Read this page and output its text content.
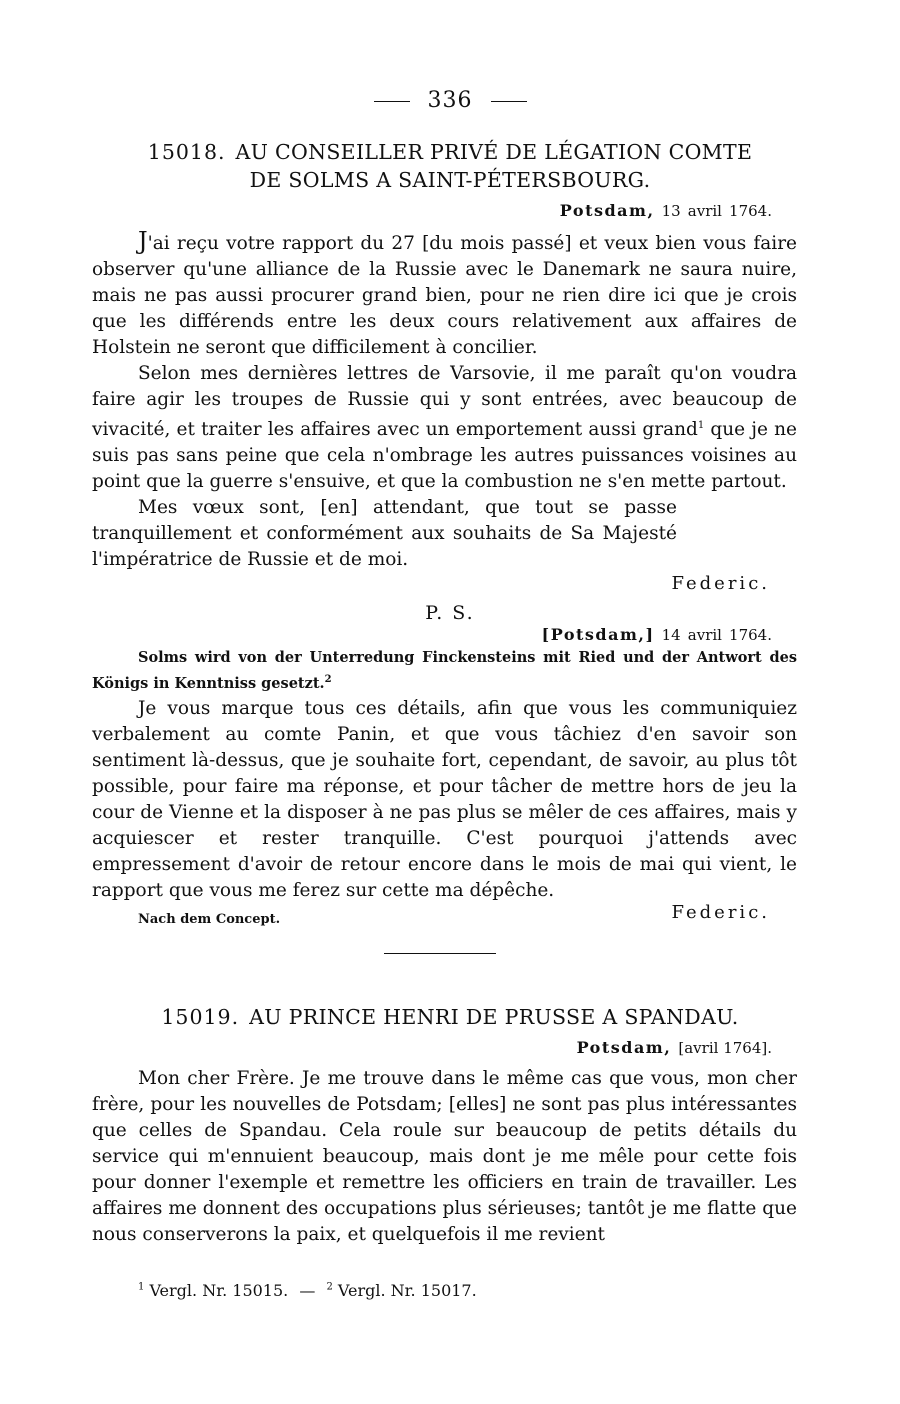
336
15018. AU CONSEILLER PRIVÉ DE LÉGATION COMTE
DE SOLMS A SAINT-PÉTERSBOURG.
Potsdam, 13 avril 1764.

J'ai reçu votre rapport du 27 [du mois passé] et veux bien vous faire observer qu'une alliance de la Russie avec le Danemark ne saura nuire, mais ne pas aussi procurer grand bien, pour ne rien dire ici que je crois que les différends entre les deux cours relativement aux affaires de Holstein ne seront que difficilement à concilier.

Selon mes dernières lettres de Varsovie, il me paraît qu'on voudra faire agir les troupes de Russie qui y sont entrées, avec beaucoup de vivacité, et traiter les affaires avec un emportement aussi grand$^1$ que je ne suis pas sans peine que cela n'ombrage les autres puissances voisines au point que la guerre s'ensuive, et que la combustion ne s'en mette partout.

Mes vœux sont, [en] attendant, que tout se passe tranquillement et conformément aux souhaits de Sa Majesté l'impératrice de Russie et de moi.

Federic.
P. S.
[Potsdam,] 14 avril 1764.

Solms wird von der Unterredung Finckensteins mit Ried und der Antwort des Königs in Kenntniss gesetzt.$^2$

Je vous marque tous ces détails, afin que vous les communiquiez verbalement au comte Panin, et que vous tâchiez d'en savoir son sentiment là-dessus, que je souhaite fort, cependant, de savoir, au plus tôt possible, pour faire ma réponse, et pour tâcher de mettre hors de jeu la cour de Vienne et la disposer à ne pas plus se mêler de ces affaires, mais y acquiescer et rester tranquille. C'est pourquoi j'attends avec empressement d'avoir de retour encore dans le mois de mai qui vient, le rapport que vous me ferez sur cette ma dépêche.

Nach dem Concept.	Federic.
15019. AU PRINCE HENRI DE PRUSSE A SPANDAU.
Potsdam, [avril 1764].

Mon cher Frère. Je me trouve dans le même cas que vous, mon cher frère, pour les nouvelles de Potsdam; [elles] ne sont pas plus intéressantes que celles de Spandau. Cela roule sur beaucoup de petits détails du service qui m'ennuient beaucoup, mais dont je me mêle pour cette fois pour donner l'exemple et remettre les officiers en train de travailler. Les affaires me donnent des occupations plus sérieuses; tantôt je me flatte que nous conserverons la paix, et quelquefois il me revient

$^1$ Vergl. Nr. 15015. — $^2$ Vergl. Nr. 15017.
